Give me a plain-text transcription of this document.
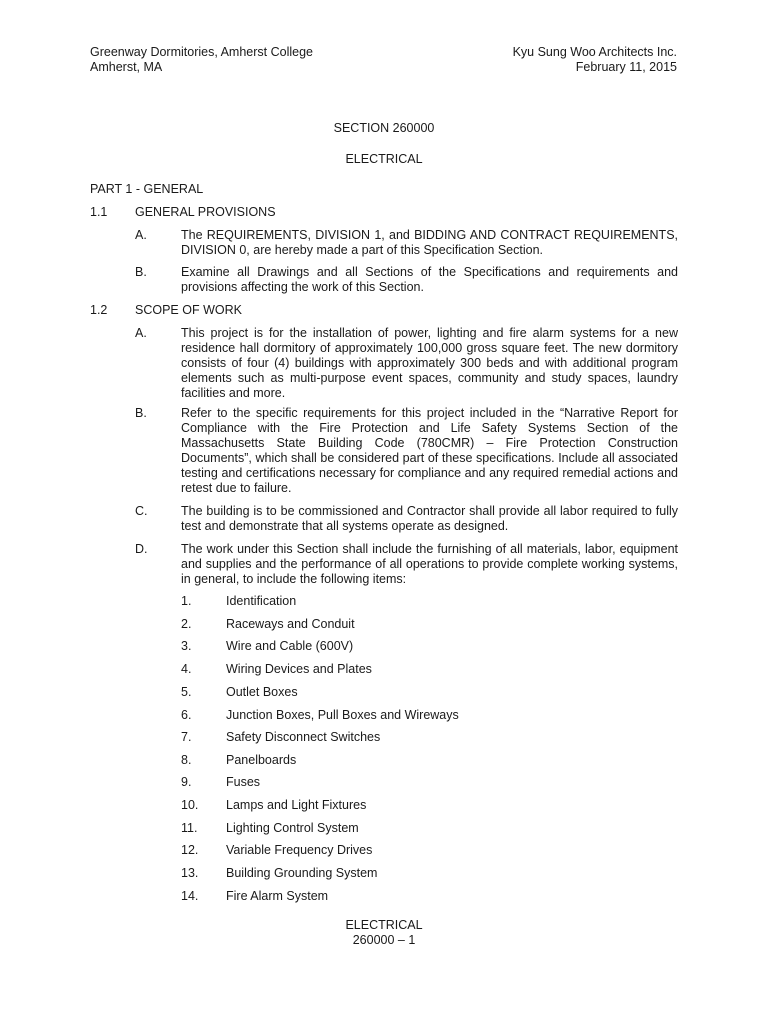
Greenway Dormitories, Amherst College
Amherst, MA
Kyu Sung Woo Architects Inc.
February 11, 2015
SECTION 260000
ELECTRICAL
PART 1 - GENERAL
1.1 GENERAL PROVISIONS
A.	The REQUIREMENTS, DIVISION 1, and BIDDING AND CONTRACT REQUIREMENTS, DIVISION 0, are hereby made a part of this Specification Section.
B.	Examine all Drawings and all Sections of the Specifications and requirements and provisions affecting the work of this Section.
1.2 SCOPE OF WORK
A.	This project is for the installation of power, lighting and fire alarm systems for a new residence hall dormitory of approximately 100,000 gross square feet. The new dormitory consists of four (4) buildings with approximately 300 beds and with additional program elements such as multi-purpose event spaces, community and study spaces, laundry facilities and more.
B.	Refer to the specific requirements for this project included in the “Narrative Report for Compliance with the Fire Protection and Life Safety Systems Section of the Massachusetts State Building Code (780CMR) – Fire Protection Construction Documents”, which shall be considered part of these specifications. Include all associated testing and certifications necessary for compliance and any required remedial actions and retest due to failure.
C.	The building is to be commissioned and Contractor shall provide all labor required to fully test and demonstrate that all systems operate as designed.
D.	The work under this Section shall include the furnishing of all materials, labor, equipment and supplies and the performance of all operations to provide complete working systems, in general, to include the following items:
1.	Identification
2.	Raceways and Conduit
3.	Wire and Cable (600V)
4.	Wiring Devices and Plates
5.	Outlet Boxes
6.	Junction Boxes, Pull Boxes and Wireways
7.	Safety Disconnect Switches
8.	Panelboards
9.	Fuses
10. Lamps and Light Fixtures
11. Lighting Control System
12. Variable Frequency Drives
13. Building Grounding System
14. Fire Alarm System
ELECTRICAL
260000 – 1
